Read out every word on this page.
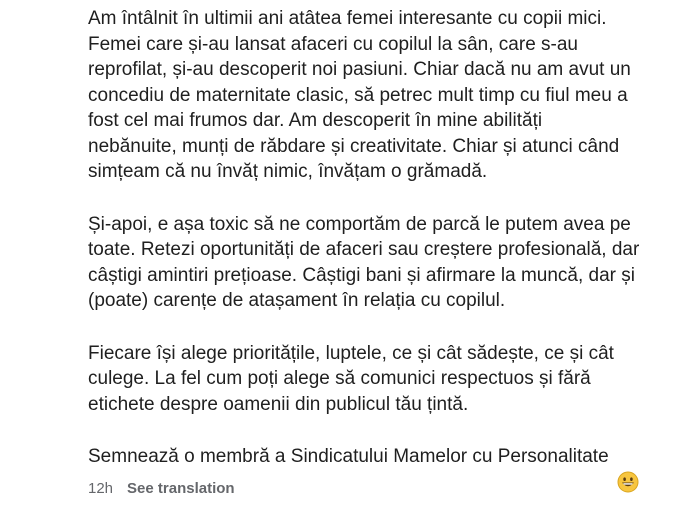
Am întâlnit în ultimii ani atâtea femei interesante cu copii mici.
Femei care și-au lansat afaceri cu copilul la sân, care s-au
reprofilat, și-au descoperit noi pasiuni. Chiar dacă nu am avut un
concediu de maternitate clasic, să petrec mult timp cu fiul meu a
fost cel mai frumos dar. Am descoperit în mine abilități
nebănuite, munți de răbdare și creativitate. Chiar și atunci când
simțeam că nu învăț nimic, învățam o grămadă.

Și-apoi, e așa toxic să ne comportăm de parcă le putem avea pe
toate. Retezi oportunități de afaceri sau creștere profesională, dar
câștigi amintiri prețioase. Câștigi bani și afirmare la muncă, dar și
(poate) carențe de atașament în relația cu copilul.

Fiecare își alege prioritățile, luptele, ce și cât sădește, ce și cât
culege. La fel cum poți alege să comunici respectuos și fără
etichete despre oamenii din publicul tău țintă.

Semnează o membră a Sindicatului Mamelor cu Personalitate

12h See translation
